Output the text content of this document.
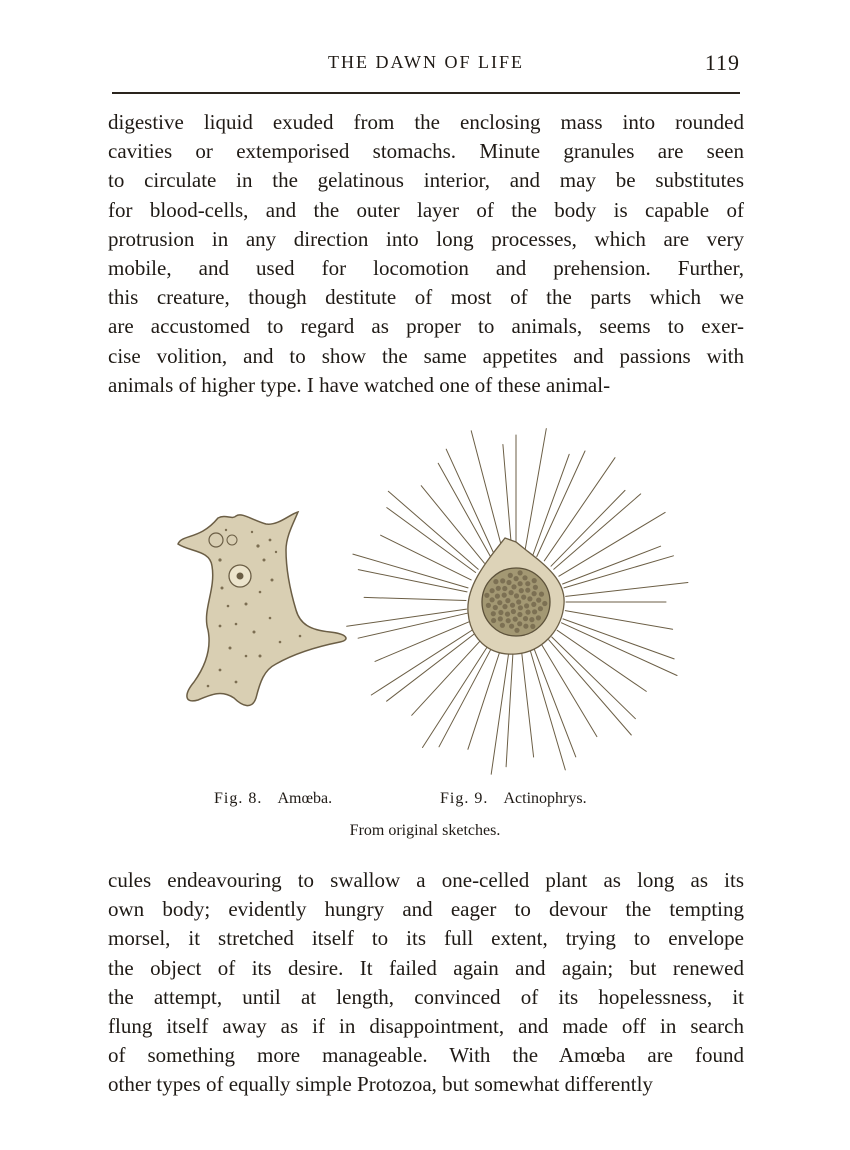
THE DAWN OF LIFE	119
digestive liquid exuded from the enclosing mass into rounded
cavities or extemporised stomachs. Minute granules are seen
to circulate in the gelatinous interior, and may be substitutes
for blood-cells, and the outer layer of the body is capable of
protrusion in any direction into long processes, which are very
mobile, and used for locomotion and prehension. Further,
this creature, though destitute of most of the parts which we
are accustomed to regard as proper to animals, seems to exer-
cise volition, and to show the same appetites and passions with
animals of higher type. I have watched one of these animal-
Fig. 8. Amœba.	Fig. 9. Actinophrys.
From original sketches.
cules endeavouring to swallow a one-celled plant as long as its
own body; evidently hungry and eager to devour the tempting
morsel, it stretched itself to its full extent, trying to envelope
the object of its desire. It failed again and again; but renewed
the attempt, until at length, convinced of its hopelessness, it
flung itself away as if in disappointment, and made off in search
of something more manageable. With the Amœba are found
other types of equally simple Protozoa, but somewhat differently
